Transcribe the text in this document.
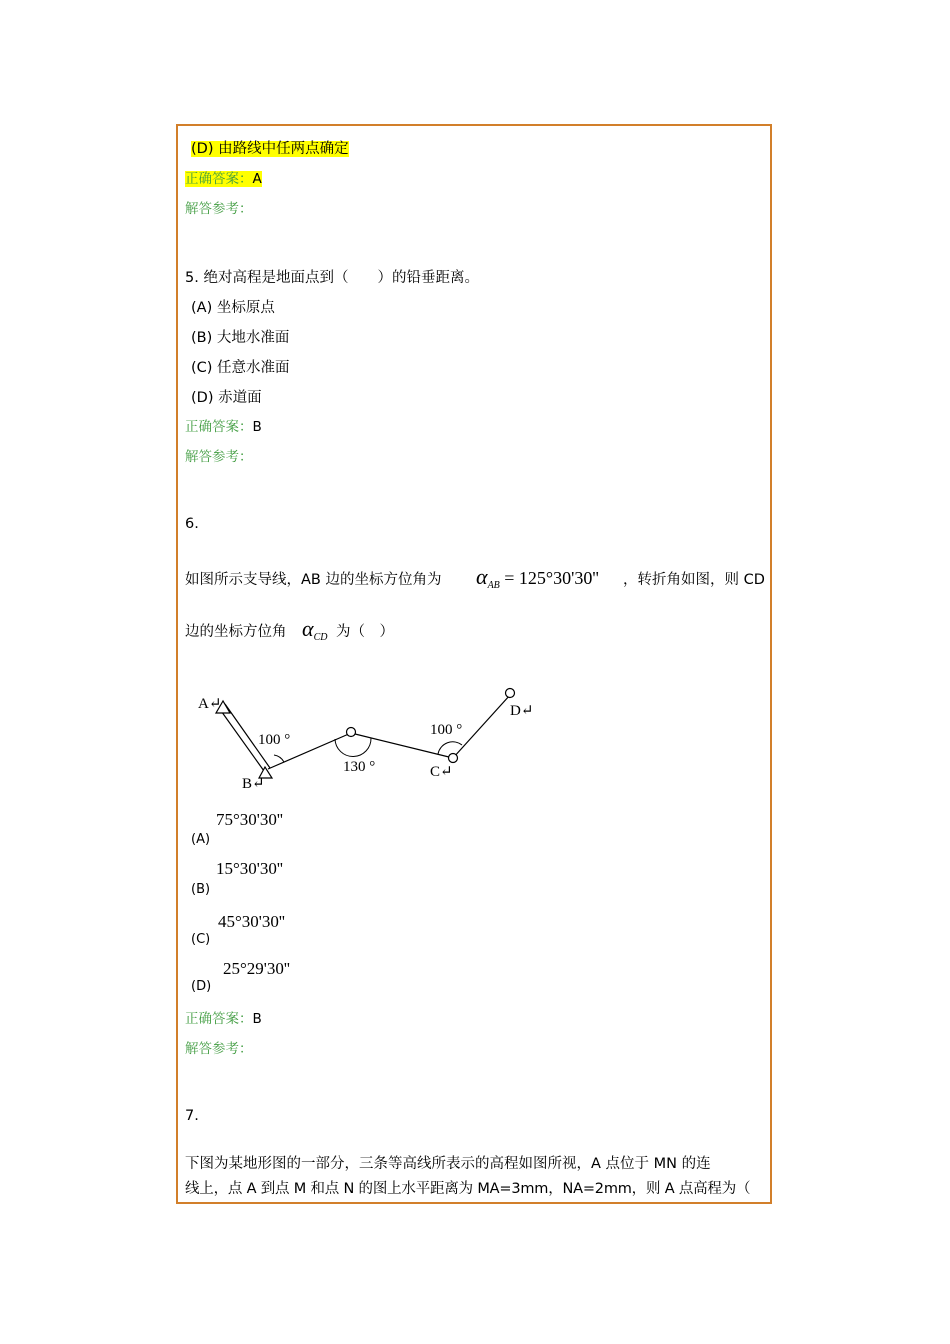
(D) 由路线中任两点确定
正确答案：A
解答参考：
5. 绝对高程是地面点到（　　）的铅垂距离。
(A) 坐标原点
(B) 大地水准面
(C) 任意水准面
(D) 赤道面
正确答案：B
解答参考：
6.
如图所示支导线，AB 边的坐标方位角为 $\alpha_{AB} = 125^\circ 30'30''$ ，转折角如图，则 CD
边的坐标方位角 $\alpha_{CD}$ 为（　）
A↵
B↵
C↵
D↵
100 °
130 °
100 °
75°30'30''
(A)
15°30'30''
(B)
45°30'30''
(C)
25°29'30''
(D)
正确答案：B
解答参考：
7.
下图为某地形图的一部分，三条等高线所表示的高程如图所视，A 点位于 MN 的连
线上，点 A 到点 M 和点 N 的图上水平距离为 MA=3mm，NA=2mm，则 A 点高程为（
